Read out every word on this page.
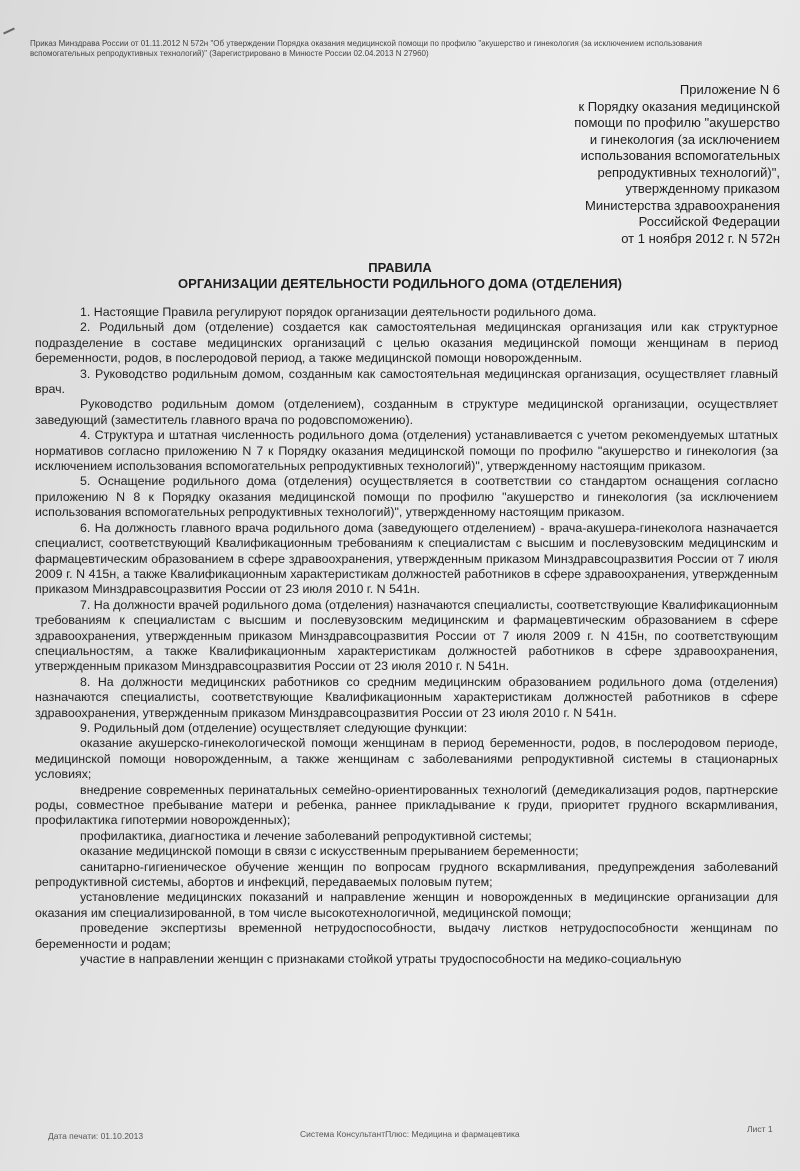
Приказ Минздрава России от 01.11.2012 N 572н "Об утверждении Порядка оказания медицинской помощи по профилю "акушерство и гинекология (за исключением использования
вспомогательных репродуктивных технологий)" (Зарегистрировано в Минюсте России 02.04.2013 N 27960)
Приложение N 6
к Порядку оказания медицинской
помощи по профилю "акушерство
и гинекология (за исключением
использования вспомогательных
репродуктивных технологий)",
утвержденному приказом
Министерства здравоохранения
Российской Федерации
от 1 ноября 2012 г. N 572н
ПРАВИЛА
ОРГАНИЗАЦИИ ДЕЯТЕЛЬНОСТИ РОДИЛЬНОГО ДОМА (ОТДЕЛЕНИЯ)

1. Настоящие Правила регулируют порядок организации деятельности родильного дома.

2. Родильный дом (отделение) создается как самостоятельная медицинская организация или как структурное подразделение в составе медицинских организаций с целью оказания медицинской помощи женщинам в период беременности, родов, в послеродовой период, а также медицинской помощи новорожденным.

3. Руководство родильным домом, созданным как самостоятельная медицинская организация, осуществляет главный врач.

Руководство родильным домом (отделением), созданным в структуре медицинской организации, осуществляет заведующий (заместитель главного врача по родовспоможению).

4. Структура и штатная численность родильного дома (отделения) устанавливается с учетом рекомендуемых штатных нормативов согласно приложению N 7 к Порядку оказания медицинской помощи по профилю "акушерство и гинекология (за исключением использования вспомогательных репродуктивных технологий)", утвержденному настоящим приказом.

5. Оснащение родильного дома (отделения) осуществляется в соответствии со стандартом оснащения согласно приложению N 8 к Порядку оказания медицинской помощи по профилю "акушерство и гинекология (за исключением использования вспомогательных репродуктивных технологий)", утвержденному настоящим приказом.

6. На должность главного врача родильного дома (заведующего отделением) - врача-акушера-гинеколога назначается специалист, соответствующий Квалификационным требованиям к специалистам с высшим и послевузовским медицинским и фармацевтическим образованием в сфере здравоохранения, утвержденным приказом Минздравсоцразвития России от 7 июля 2009 г. N 415н, а также Квалификационным характеристикам должностей работников в сфере здравоохранения, утвержденным приказом Минздравсоцразвития России от 23 июля 2010 г. N 541н.

7. На должности врачей родильного дома (отделения) назначаются специалисты, соответствующие Квалификационным требованиям к специалистам с высшим и послевузовским медицинским и фармацевтическим образованием в сфере здравоохранения, утвержденным приказом Минздравсоцразвития России от 7 июля 2009 г. N 415н, по соответствующим специальностям, а также Квалификационным характеристикам должностей работников в сфере здравоохранения, утвержденным приказом Минздравсоцразвития России от 23 июля 2010 г. N 541н.

8. На должности медицинских работников со средним медицинским образованием родильного дома (отделения) назначаются специалисты, соответствующие Квалификационным характеристикам должностей работников в сфере здравоохранения, утвержденным приказом Минздравсоцразвития России от 23 июля 2010 г. N 541н.

9. Родильный дом (отделение) осуществляет следующие функции:

оказание акушерско-гинекологической помощи женщинам в период беременности, родов, в послеродовом периоде, медицинской помощи новорожденным, а также женщинам с заболеваниями репродуктивной системы в стационарных условиях;

внедрение современных перинатальных семейно-ориентированных технологий (демедикализация родов, партнерские роды, совместное пребывание матери и ребенка, раннее прикладывание к груди, приоритет грудного вскармливания, профилактика гипотермии новорожденных);

профилактика, диагностика и лечение заболеваний репродуктивной системы;

оказание медицинской помощи в связи с искусственным прерыванием беременности;

санитарно-гигиеническое обучение женщин по вопросам грудного вскармливания, предупреждения заболеваний репродуктивной системы, абортов и инфекций, передаваемых половым путем;

установление медицинских показаний и направление женщин и новорожденных в медицинские организации для оказания им специализированной, в том числе высокотехнологичной, медицинской помощи;

проведение экспертизы временной нетрудоспособности, выдачу листков нетрудоспособности женщинам по беременности и родам;

участие в направлении женщин с признаками стойкой утраты трудоспособности на медико-социальную

Дата печати: 01.10.2013	Система КонсультантПлюс: Медицина и фармацевтика	Лист 1
